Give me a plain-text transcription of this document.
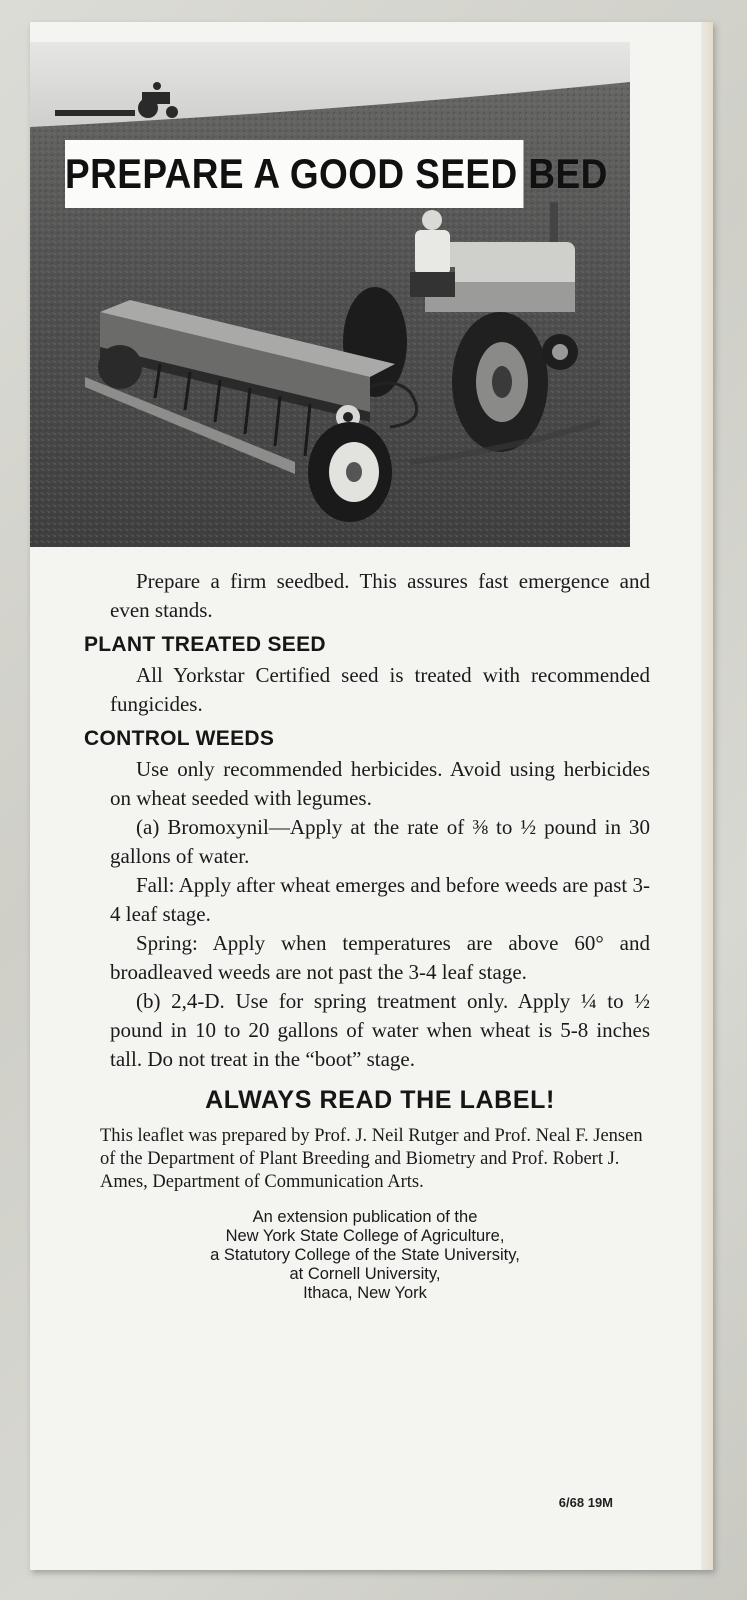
PREPARE A GOOD SEED BED

Prepare a firm seedbed. This assures fast emergence and even stands.

PLANT TREATED SEED

All Yorkstar Certified seed is treated with recommended fungicides.

CONTROL WEEDS

Use only recommended herbicides. Avoid using herbicides on wheat seeded with legumes.

(a) Bromoxynil—Apply at the rate of ⅜ to ½ pound in 30 gallons of water.

Fall: Apply after wheat emerges and before weeds are past 3-4 leaf stage.

Spring: Apply when temperatures are above 60° and broadleaved weeds are not past the 3-4 leaf stage.

(b) 2,4-D. Use for spring treatment only. Apply ¼ to ½ pound in 10 to 20 gallons of water when wheat is 5-8 inches tall. Do not treat in the “boot” stage.

ALWAYS READ THE LABEL!

This leaflet was prepared by Prof. J. Neil Rutger and Prof. Neal F. Jensen of the Department of Plant Breeding and Biometry and Prof. Robert J. Ames, Department of Communication Arts.

An extension publication of the
New York State College of Agriculture,
a Statutory College of the State University,
at Cornell University,
Ithaca, New York
6/68 19M
